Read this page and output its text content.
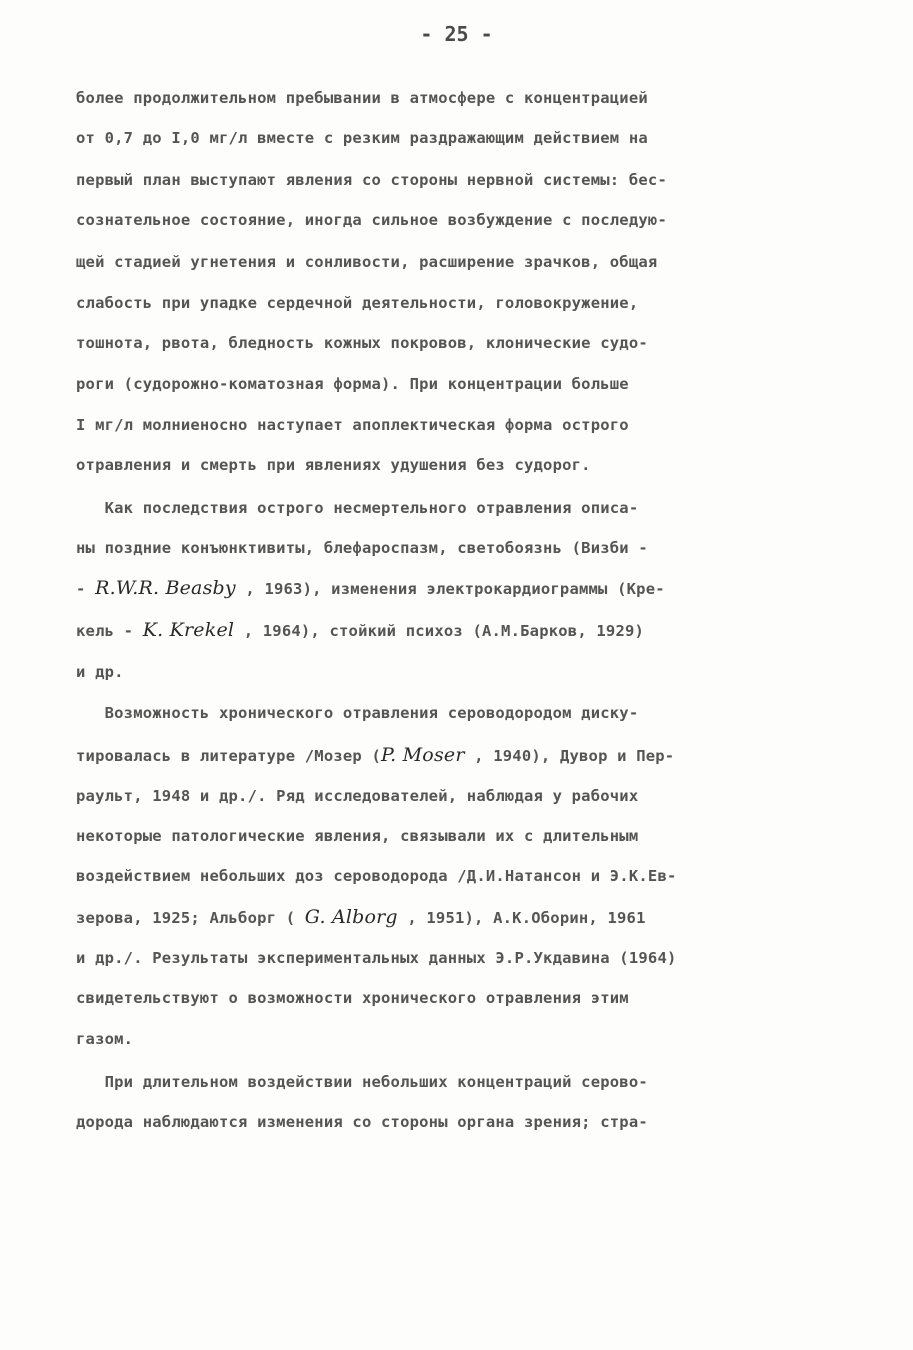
- 25 -
более продолжительном пребывании в атмосфере с концентрацией
от 0,7 до I,0 мг/л вместе с резким раздражающим действием на
первый план выступают явления со стороны нервной системы: бес-
сознательное состояние, иногда сильное возбуждение с последую-
щей стадией угнетения и сонливости, расширение зрачков, общая
слабость при упадке сердечной деятельности, головокружение,
тошнота, рвота, бледность кожных покровов, клонические судо-
роги (судорожно-коматозная форма). При концентрации больше
I мг/л молниеносно наступает апоплектическая форма острого
отравления и смерть при явлениях удушения без судорог.
Как последствия острого несмертельного отравления описа-
ны поздние конъюнктивиты, блефароспазм, светобоязнь (Визби -
- R.W.R. Beasby , 1963), изменения электрокардиограммы (Кре-
кель - K. Krekel , 1964), стойкий психоз (А.М.Барков, 1929)
и др.
Возможность хронического отравления сероводородом диску-
тировалась в литературе /Мозер (P. Moser , 1940), Дувор и Пер-
раульт, 1948 и др./. Ряд исследователей, наблюдая у рабочих
некоторые патологические явления, связывали их с длительным
воздействием небольших доз сероводорода /Д.И.Натансон и Э.К.Ев-
зерова, 1925; Альборг ( G. Alborg , 1951), А.К.Оборин, 1961
и др./. Результаты экспериментальных данных Э.Р.Укдавина (1964)
свидетельствуют о возможности хронического отравления этим
газом.
При длительном воздействии небольших концентраций серово-
дорода наблюдаются изменения со стороны органа зрения; стра-
